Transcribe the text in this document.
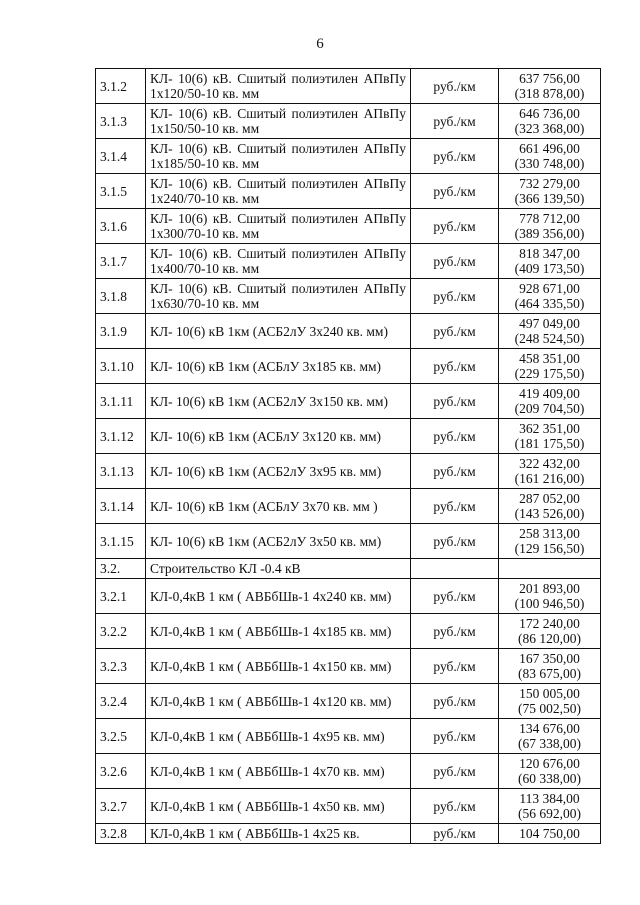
6
3.1.2	КЛ- 10(6) кВ. Сшитый полиэтилен АПвПу 1х120/50-10 кв. мм	руб./км	637 756,00
(318 878,00)

3.1.3	КЛ- 10(6) кВ. Сшитый полиэтилен АПвПу 1х150/50-10 кв. мм	руб./км	646 736,00
(323 368,00)

3.1.4	КЛ- 10(6) кВ. Сшитый полиэтилен АПвПу 1х185/50-10 кв. мм	руб./км	661 496,00
(330 748,00)

3.1.5	КЛ- 10(6) кВ. Сшитый полиэтилен АПвПу 1х240/70-10 кв. мм	руб./км	732 279,00
(366 139,50)

3.1.6	КЛ- 10(6) кВ. Сшитый полиэтилен АПвПу 1х300/70-10 кв. мм	руб./км	778 712,00
(389 356,00)

3.1.7	КЛ- 10(6) кВ. Сшитый полиэтилен АПвПу 1х400/70-10 кв. мм	руб./км	818 347,00
(409 173,50)

3.1.8	КЛ- 10(6) кВ. Сшитый полиэтилен АПвПу 1х630/70-10 кв. мм	руб./км	928 671,00
(464 335,50)

3.1.9	КЛ- 10(6) кВ 1км (АСБ2лУ 3х240 кв. мм)	руб./км	497 049,00
(248 524,50)

3.1.10	КЛ- 10(6) кВ 1км (АСБлУ 3х185 кв. мм)	руб./км	458 351,00
(229 175,50)

3.1.11	КЛ- 10(6) кВ 1км (АСБ2лУ 3х150 кв. мм)	руб./км	419 409,00
(209 704,50)

3.1.12	КЛ- 10(6) кВ 1км (АСБлУ 3х120 кв. мм)	руб./км	362 351,00
(181 175,50)

3.1.13	КЛ- 10(6) кВ 1км (АСБ2лУ 3х95 кв. мм)	руб./км	322 432,00
(161 216,00)

3.1.14	КЛ- 10(6) кВ 1км (АСБлУ 3х70 кв. мм )	руб./км	287 052,00
(143 526,00)

3.1.15	КЛ- 10(6) кВ 1км (АСБ2лУ 3х50 кв. мм)	руб./км	258 313,00
(129 156,50)

3.2.	Строительство КЛ -0.4 кВ		

3.2.1	КЛ-0,4кВ 1 км ( АВБбШв-1 4х240 кв. мм)	руб./км	201 893,00
(100 946,50)

3.2.2	КЛ-0,4кВ 1 км ( АВБбШв-1 4х185 кв. мм)	руб./км	172 240,00
(86 120,00)

3.2.3	КЛ-0,4кВ 1 км ( АВБбШв-1 4х150 кв. мм)	руб./км	167 350,00
(83 675,00)

3.2.4	КЛ-0,4кВ 1 км ( АВБбШв-1 4х120 кв. мм)	руб./км	150 005,00
(75 002,50)

3.2.5	КЛ-0,4кВ 1 км ( АВБбШв-1 4х95 кв. мм)	руб./км	134 676,00
(67 338,00)

3.2.6	КЛ-0,4кВ 1 км ( АВБбШв-1 4х70 кв. мм)	руб./км	120 676,00
(60 338,00)

3.2.7	КЛ-0,4кВ 1 км ( АВБбШв-1 4х50 кв. мм)	руб./км	113 384,00
(56 692,00)

3.2.8	КЛ-0,4кВ 1 км ( АВБбШв-1 4х25 кв.	руб./км	104 750,00
